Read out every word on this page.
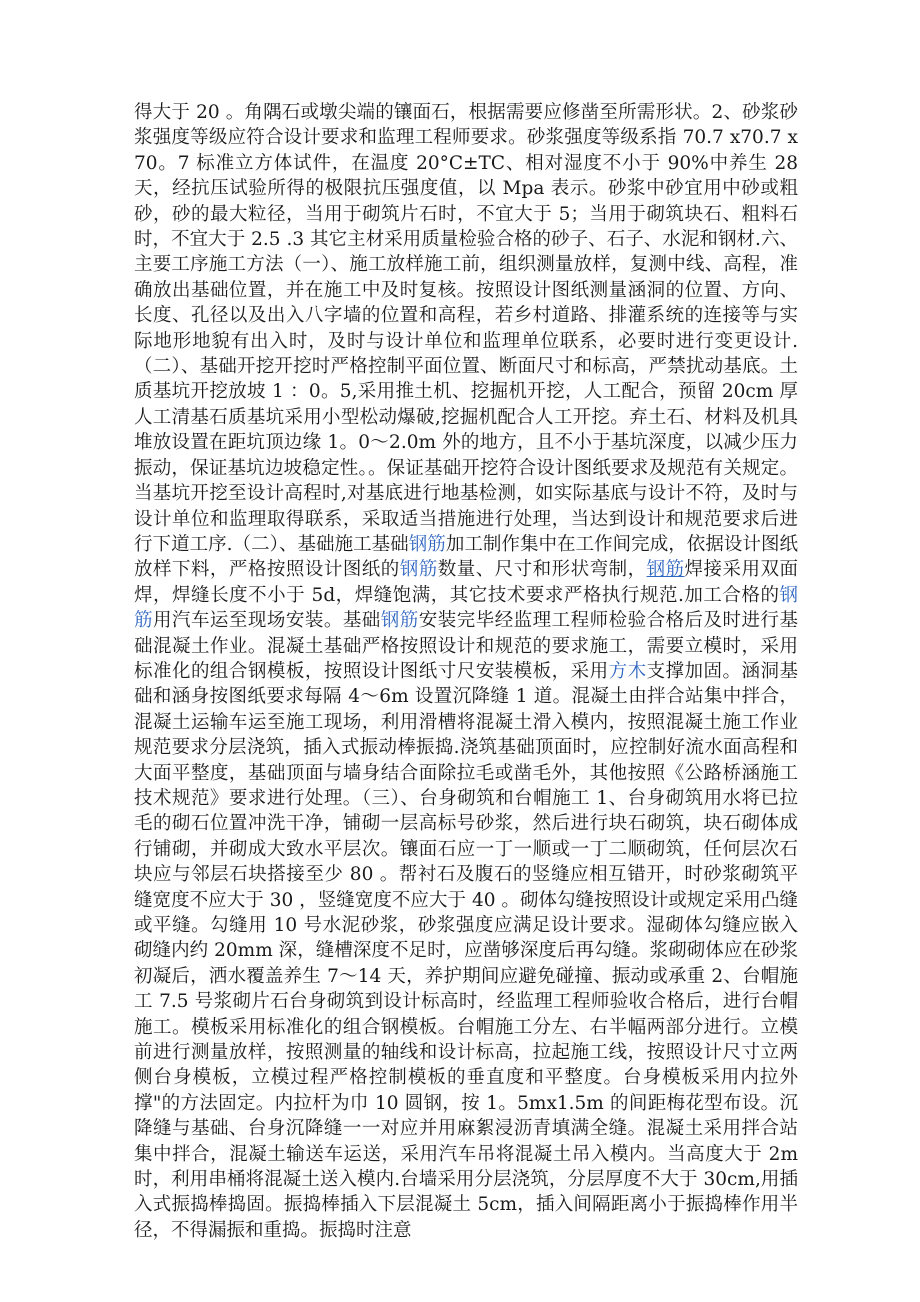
得大于 20 。角隅石或墩尖端的镶面石，根据需要应修凿至所需形状。2、砂浆砂浆强度等级应符合设计要求和监理工程师要求。砂浆强度等级系指 70.7 x70.7 x70。7 标准立方体试件，在温度 20°C±TC、相对湿度不小于 90%中养生 28 天，经抗压试验所得的极限抗压强度值，以 Mpa 表示。砂浆中砂宜用中砂或粗砂，砂的最大粒径，当用于砌筑片石时，不宜大于 5；当用于砌筑块石、粗料石时，不宜大于 2.5 .3 其它主材采用质量检验合格的砂子、石子、水泥和钢材.六、主要工序施工方法（一）、施工放样施工前，组织测量放样，复测中线、高程，准确放出基础位置，并在施工中及时复核。按照设计图纸测量涵洞的位置、方向、长度、孔径以及出入八字墙的位置和高程，若乡村道路、排灌系统的连接等与实际地形地貌有出入时，及时与设计单位和监理单位联系，必要时进行变更设计.（二）、基础开挖开挖时严格控制平面位置、断面尺寸和标高，严禁扰动基底。土质基坑开挖放坡 1 ：0。5,采用推土机、挖掘机开挖，人工配合，预留 20cm 厚人工清基石质基坑采用小型松动爆破,挖掘机配合人工开挖。弃土石、材料及机具堆放设置在距坑顶边缘 1。0～2.0m 外的地方，且不小于基坑深度，以减少压力振动，保证基坑边坡稳定性。。保证基础开挖符合设计图纸要求及规范有关规定。当基坑开挖至设计高程时,对基底进行地基检测，如实际基底与设计不符，及时与设计单位和监理取得联系，采取适当措施进行处理，当达到设计和规范要求后进行下道工序.（二）、基础施工基础钢筋加工制作集中在工作间完成，依据设计图纸放样下料，严格按照设计图纸的钢筋数量、尺寸和形状弯制，钢筋焊接采用双面焊，焊缝长度不小于 5d，焊缝饱满，其它技术要求严格执行规范.加工合格的钢筋用汽车运至现场安装。基础钢筋安装完毕经监理工程师检验合格后及时进行基础混凝土作业。混凝土基础严格按照设计和规范的要求施工，需要立模时，采用标准化的组合钢模板，按照设计图纸寸尺安装模板，采用方木支撑加固。涵洞基础和涵身按图纸要求每隔 4～6m 设置沉降缝 1 道。混凝土由拌合站集中拌合，混凝土运输车运至施工现场，利用滑槽将混凝土滑入模内，按照混凝土施工作业规范要求分层浇筑，插入式振动棒振捣.浇筑基础顶面时，应控制好流水面高程和大面平整度，基础顶面与墙身结合面除拉毛或凿毛外，其他按照《公路桥涵施工技术规范》要求进行处理。（三）、台身砌筑和台帽施工 1、台身砌筑用水将已拉毛的砌石位置冲洗干净，铺砌一层高标号砂浆，然后进行块石砌筑，块石砌体成行铺砌，并砌成大致水平层次。镶面石应一丁一顺或一丁二顺砌筑，任何层次石块应与邻层石块搭接至少 80 。帮衬石及腹石的竖缝应相互错开，时砂浆砌筑平缝宽度不应大于 30 ，竖缝宽度不应大于 40 。砌体勾缝按照设计或规定采用凸缝或平缝。勾缝用 10 号水泥砂浆，砂浆强度应满足设计要求。湿砌体勾缝应嵌入砌缝内约 20mm 深，缝槽深度不足时，应凿够深度后再勾缝。浆砌砌体应在砂浆初凝后，洒水覆盖养生 7～14 天，养护期间应避免碰撞、振动或承重 2、台帽施工 7.5 号浆砌片石台身砌筑到设计标高时，经监理工程师验收合格后，进行台帽施工。模板采用标准化的组合钢模板。台帽施工分左、右半幅两部分进行。立模前进行测量放样，按照测量的轴线和设计标高，拉起施工线，按照设计尺寸立两侧台身模板，立模过程严格控制模板的垂直度和平整度。台身模板采用内拉外撑"的方法固定。内拉杆为巾 10 圆钢，按 1。5mx1.5m 的间距梅花型布设。沉降缝与基础、台身沉降缝一一对应并用麻絮浸沥青填满全缝。混凝土采用拌合站集中拌合，混凝土输送车运送，采用汽车吊将混凝土吊入模内。当高度大于 2m 时，利用串桶将混凝土送入模内.台墙采用分层浇筑，分层厚度不大于 30cm,用插入式振捣棒捣固。振捣棒插入下层混凝土 5cm，插入间隔距离小于振捣棒作用半径，不得漏振和重捣。振捣时注意
